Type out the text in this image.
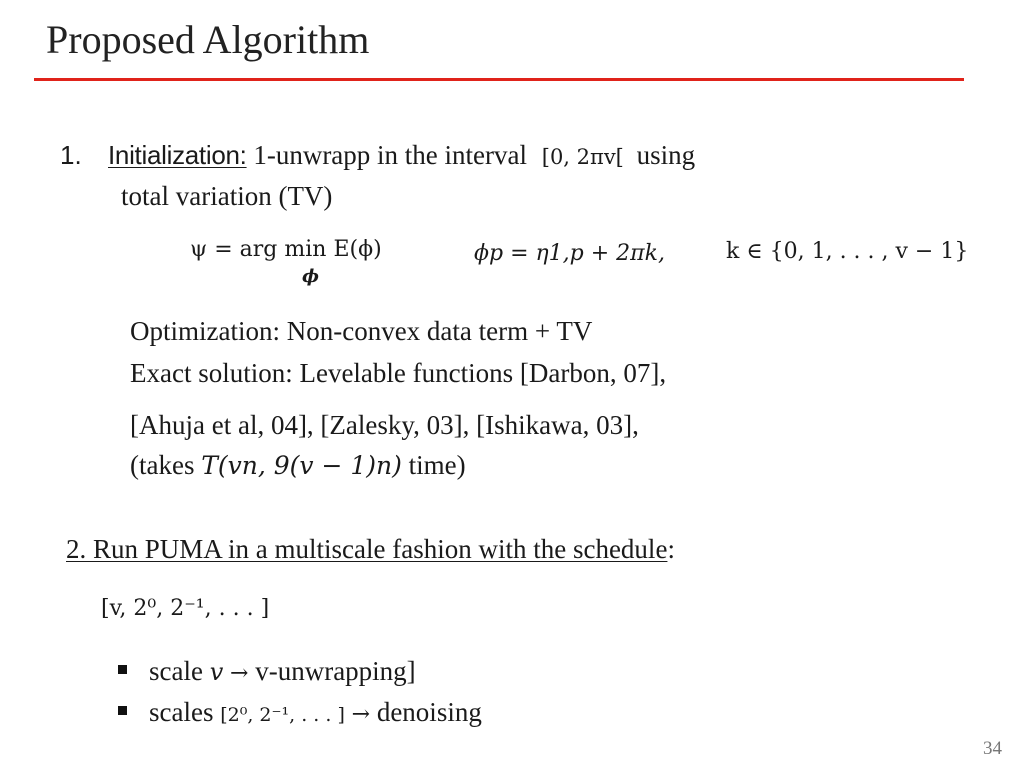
Proposed Algorithm
1. Initialization: 1-unwrapp in the interval [0, 2πv[ using
total variation (TV)
ψ = arg min E(ϕ)
ϕ
ϕp = η1,p + 2πk,	k ∈ {0, 1, . . . , v − 1}
Optimization: Non-convex data term + TV
Exact solution: Levelable functions [Darbon, 07],
[Ahuja et al, 04], [Zalesky, 03], [Ishikawa, 03],
(takes T(vn, 9(v − 1)n) time)
2. Run PUMA in a multiscale fashion with the schedule:
[v, 2⁰, 2⁻¹, . . . ]
scale v → v-unwrapping]
scales [2⁰, 2⁻¹, . . . ] → denoising
34
